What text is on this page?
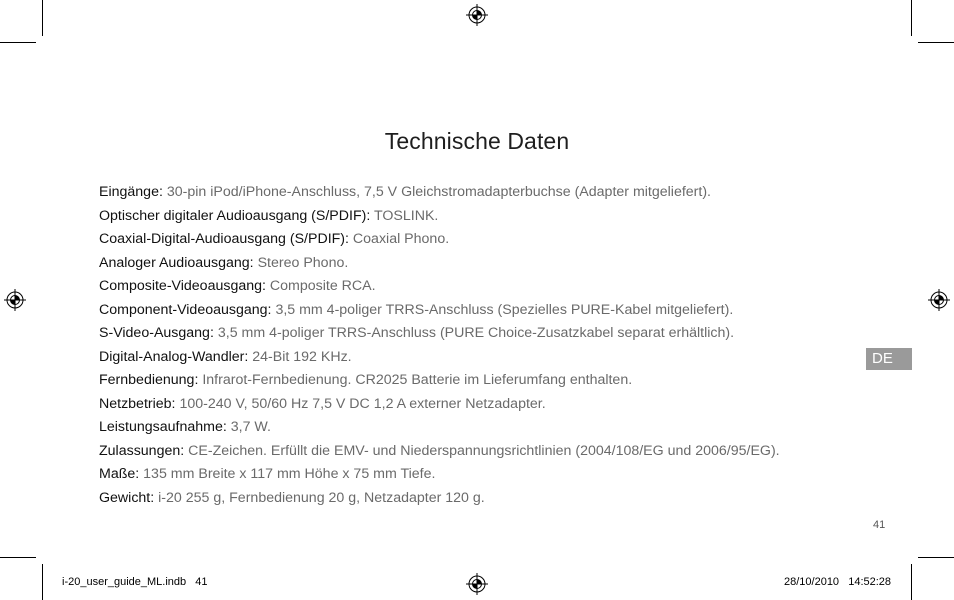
Technische Daten
Eingänge: 30-pin iPod/iPhone-Anschluss, 7,5 V Gleichstromadapterbuchse (Adapter mitgeliefert).
Optischer digitaler Audioausgang (S/PDIF): TOSLINK.
Coaxial-Digital-Audioausgang (S/PDIF): Coaxial Phono.
Analoger Audioausgang: Stereo Phono.
Composite-Videoausgang: Composite RCA.
Component-Videoausgang: 3,5 mm 4-poliger TRRS-Anschluss (Spezielles PURE-Kabel mitgeliefert).
S-Video-Ausgang: 3,5 mm 4-poliger TRRS-Anschluss (PURE Choice-Zusatzkabel separat erhältlich).
Digital-Analog-Wandler: 24-Bit 192 KHz.
Fernbedienung: Infrarot-Fernbedienung. CR2025 Batterie im Lieferumfang enthalten.
Netzbetrieb: 100-240 V, 50/60 Hz 7,5 V DC 1,2 A externer Netzadapter.
Leistungsaufnahme: 3,7 W.
Zulassungen: CE-Zeichen. Erfüllt die EMV- und Niederspannungsrichtlinien (2004/108/EG und 2006/95/EG).
Maße: 135 mm Breite x 117 mm Höhe x 75 mm Tiefe.
Gewicht: i-20 255 g, Fernbedienung 20 g, Netzadapter 120 g.
DE
41
i-20_user_guide_ML.indb   41	28/10/2010   14:52:28
